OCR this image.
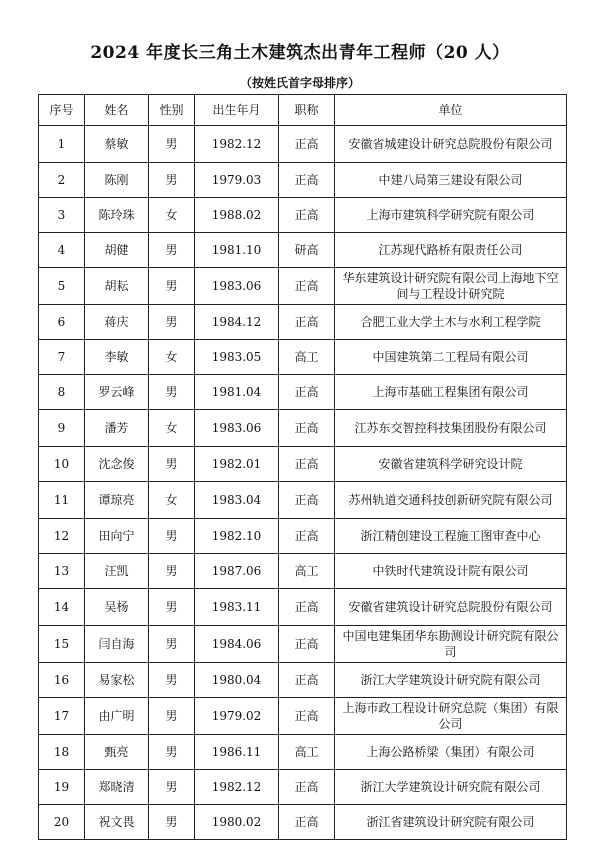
2024 年度长三角土木建筑杰出青年工程师（20 人）
（按姓氏首字母排序）
序号	姓名	性别	出生年月	职称	单位
1	蔡敏	男	1982.12	正高	安徽省城建设计研究总院股份有限公司
2	陈刚	男	1979.03	正高	中建八局第三建设有限公司
3	陈玲珠	女	1988.02	正高	上海市建筑科学研究院有限公司
4	胡健	男	1981.10	研高	江苏现代路桥有限责任公司
5	胡耘	男	1983.06	正高	华东建筑设计研究院有限公司上海地下空间与工程设计研究院
6	蒋庆	男	1984.12	正高	合肥工业大学土木与水利工程学院
7	李敏	女	1983.05	高工	中国建筑第二工程局有限公司
8	罗云峰	男	1981.04	正高	上海市基础工程集团有限公司
9	潘芳	女	1983.06	正高	江苏东交智控科技集团股份有限公司
10	沈念俊	男	1982.01	正高	安徽省建筑科学研究设计院
11	谭琼亮	女	1983.04	正高	苏州轨道交通科技创新研究院有限公司
12	田向宁	男	1982.10	正高	浙江精创建设工程施工图审查中心
13	汪凯	男	1987.06	高工	中铁时代建筑设计院有限公司
14	吴杨	男	1983.11	正高	安徽省建筑设计研究总院股份有限公司
15	闫自海	男	1984.06	正高	中国电建集团华东勘测设计研究院有限公司
16	易家松	男	1980.04	正高	浙江大学建筑设计研究院有限公司
17	由广明	男	1979.02	正高	上海市政工程设计研究总院（集团）有限公司
18	甄亮	男	1986.11	高工	上海公路桥梁（集团）有限公司
19	郑晓清	男	1982.12	正高	浙江大学建筑设计研究院有限公司
20	祝文畏	男	1980.02	正高	浙江省建筑设计研究院有限公司
